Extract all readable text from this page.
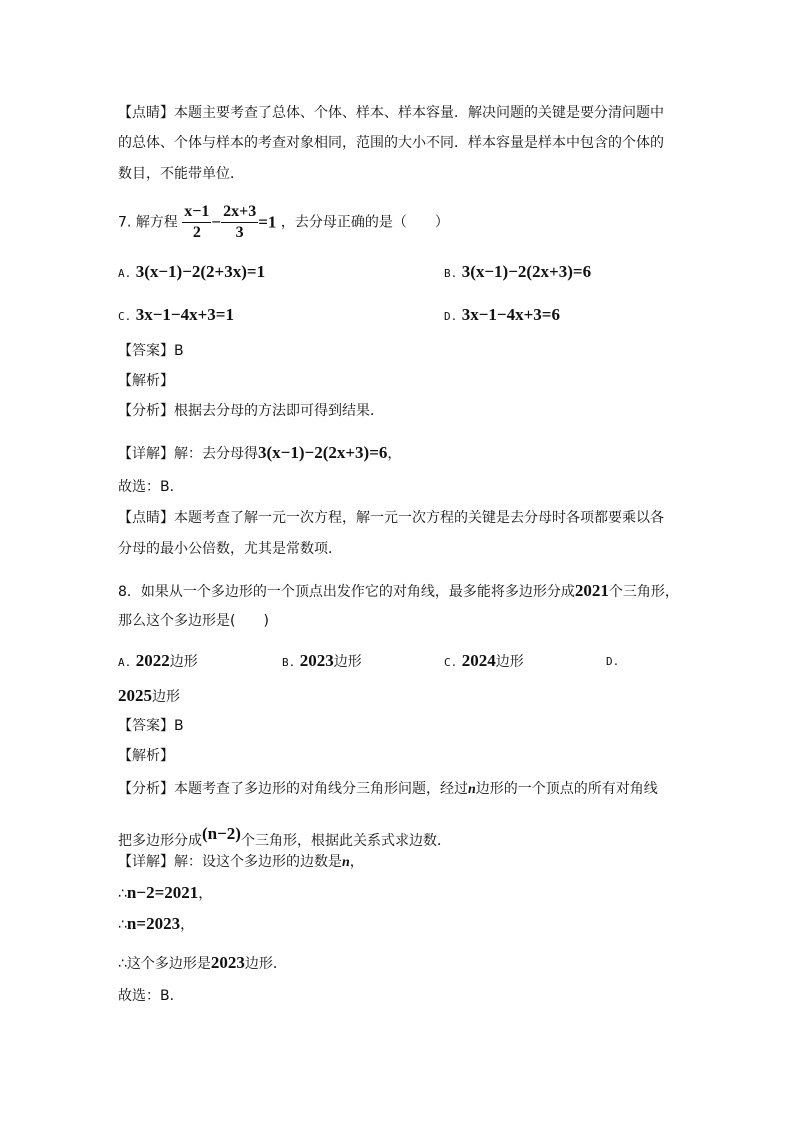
【点睛】本题主要考查了总体、个体、样本、样本容量．解决问题的关键是要分清问题中
的总体、个体与样本的考查对象相同，范围的大小不同．样本容量是样本中包含的个体的
数目，不能带单位．
7. 解方程 $\frac{x-1}{2} - \frac{2x+3}{3} =1$ ，去分母正确的是（　　）
A. 3(x−1)−2(2+3x)=1	B. 3(x−1)−2(2x+3)=6
C. 3x−1−4x+3=1	D. 3x−1−4x+3=6
【答案】B
【解析】
【分析】根据去分母的方法即可得到结果．
【详解】解：去分母得3(x−1)−2(2x+3)=6，
故选：B．
【点睛】本题考查了解一元一次方程，解一元一次方程的关键是去分母时各项都要乘以各
分母的最小公倍数，尤其是常数项．
8．如果从一个多边形的一个顶点出发作它的对角线，最多能将多边形分成2021个三角形，
那么这个多边形是(　　)
A. 2022边形	B. 2023边形	C. 2024边形	D.
2025边形
【答案】B
【解析】
【分析】本题考查了多边形的对角线分三角形问题，经过n边形的一个顶点的所有对角线
把多边形分成(n−2)个三角形，根据此关系式求边数．
【详解】解：设这个多边形的边数是n，
∴n−2=2021，
∴n=2023，
∴这个多边形是2023边形．
故选：B．
